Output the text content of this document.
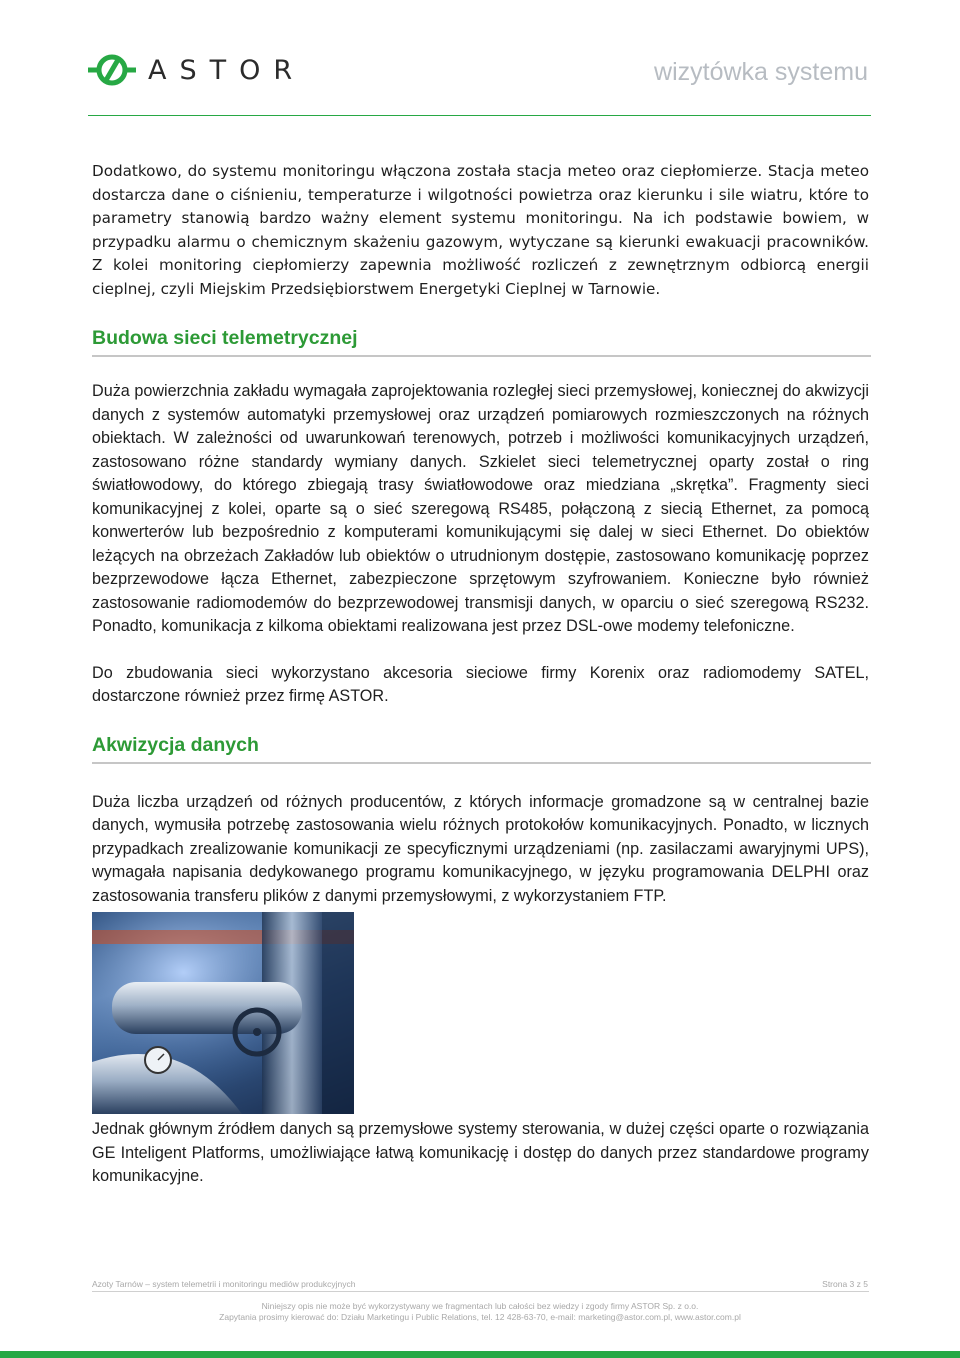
ASTOR	wizytówka systemu

Dodatkowo, do systemu monitoringu włączona została stacja meteo oraz ciepłomierze. Stacja meteo dostarcza dane o ciśnieniu, temperaturze i wilgotności powietrza oraz kierunku i sile wiatru, które to parametry stanowią bardzo ważny element systemu monitoringu. Na ich podstawie bowiem, w przypadku alarmu o chemicznym skażeniu gazowym, wytyczane są kierunki ewakuacji pracowników. Z kolei monitoring ciepłomierzy zapewnia możliwość rozliczeń z zewnętrznym odbiorcą energii cieplnej, czyli Miejskim Przedsiębiorstwem Energetyki Cieplnej w Tarnowie.

Budowa sieci telemetrycznej

Duża powierzchnia zakładu wymagała zaprojektowania rozległej sieci przemysłowej, koniecznej do akwizycji danych z systemów automatyki przemysłowej oraz urządzeń pomiarowych rozmieszczonych na różnych obiektach. W zależności od uwarunkowań terenowych, potrzeb i możliwości komunikacyjnych urządzeń, zastosowano różne standardy wymiany danych. Szkielet sieci telemetrycznej oparty został o ring światłowodowy, do którego zbiegają trasy światłowodowe oraz miedziana „skrętka”. Fragmenty sieci komunikacyjnej z kolei, oparte są o sieć szeregową RS485, połączoną z siecią Ethernet, za pomocą konwerterów lub bezpośrednio z komputerami komunikującymi się dalej w sieci Ethernet. Do obiektów leżących na obrzeżach Zakładów lub obiektów o utrudnionym dostępie, zastosowano komunikację poprzez bezprzewodowe łącza Ethernet, zabezpieczone sprzętowym szyfrowaniem. Konieczne było również zastosowanie radiomodemów do bezprzewodowej transmisji danych, w oparciu o sieć szeregową RS232. Ponadto, komunikacja z kilkoma obiektami realizowana jest przez DSL-owe modemy telefoniczne.

Do zbudowania sieci wykorzystano akcesoria sieciowe firmy Korenix oraz radiomodemy SATEL, dostarczone również przez firmę ASTOR.

Akwizycja danych

Duża liczba urządzeń od różnych producentów, z których informacje gromadzone są w centralnej bazie danych, wymusiła potrzebę zastosowania wielu różnych protokołów komunikacyjnych. Ponadto, w licznych przypadkach zrealizowanie komunikacji ze specyficznymi urządzeniami (np. zasilaczami awaryjnymi UPS), wymagała napisania dedykowanego programu komunikacyjnego, w języku programowania DELPHI oraz zastosowania transferu plików z danymi przemysłowymi, z wykorzystaniem FTP.

Jednak głównym źródłem danych są przemysłowe systemy sterowania, w dużej części oparte o rozwiązania GE Inteligent Platforms, umożliwiające łatwą komunikację i dostęp do danych przez standardowe programy komunikacyjne.

Azoty Tarnów – system telemetrii i monitoringu mediów produkcyjnych	Strona 3 z 5
Niniejszy opis nie może być wykorzystywany we fragmentach lub całości bez wiedzy i zgody firmy ASTOR Sp. z o.o.
Zapytania prosimy kierować do: Działu Marketingu i Public Relations, tel. 12 428-63-70, e-mail: marketing@astor.com.pl, www.astor.com.pl
